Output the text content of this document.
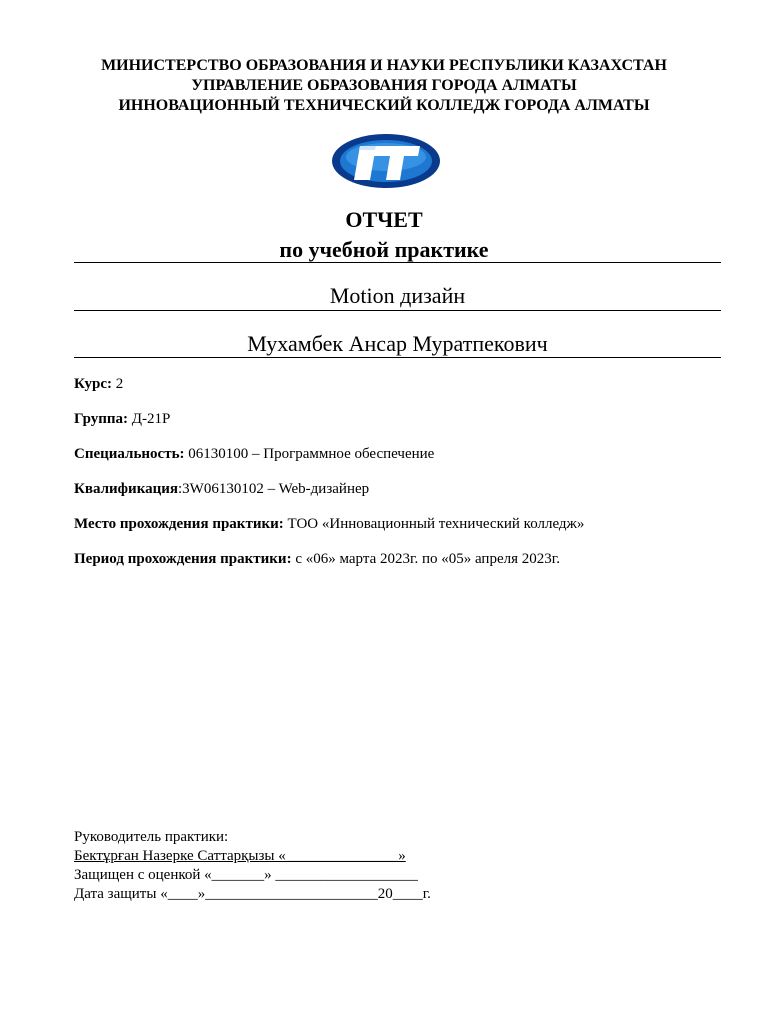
МИНИСТЕРСТВО ОБРАЗОВАНИЯ И НАУКИ РЕСПУБЛИКИ КАЗАХСТАН
УПРАВЛЕНИЕ ОБРАЗОВАНИЯ ГОРОДА АЛМАТЫ
ИННОВАЦИОННЫЙ ТЕХНИЧЕСКИЙ КОЛЛЕДЖ ГОРОДА АЛМАТЫ
ОТЧЕТ
по учебной практике
Motion дизайн
Мухамбек Ансар Муратпекович
Курс: 2
Группа: Д-21Р
Специальность: 06130100 – Программное обеспечение
Квалификация:3W06130102 – Web-дизайнер
Место прохождения практики: ТОО «Инновационный технический колледж»
Период прохождения практики: с «06» марта 2023г. по «05» апреля 2023г.
Руководитель практики:
Бектұрған Назерке Саттарқызы «_______________»
Защищен с оценкой «_______» ___________________
Дата защиты «____»_______________________20____г.
